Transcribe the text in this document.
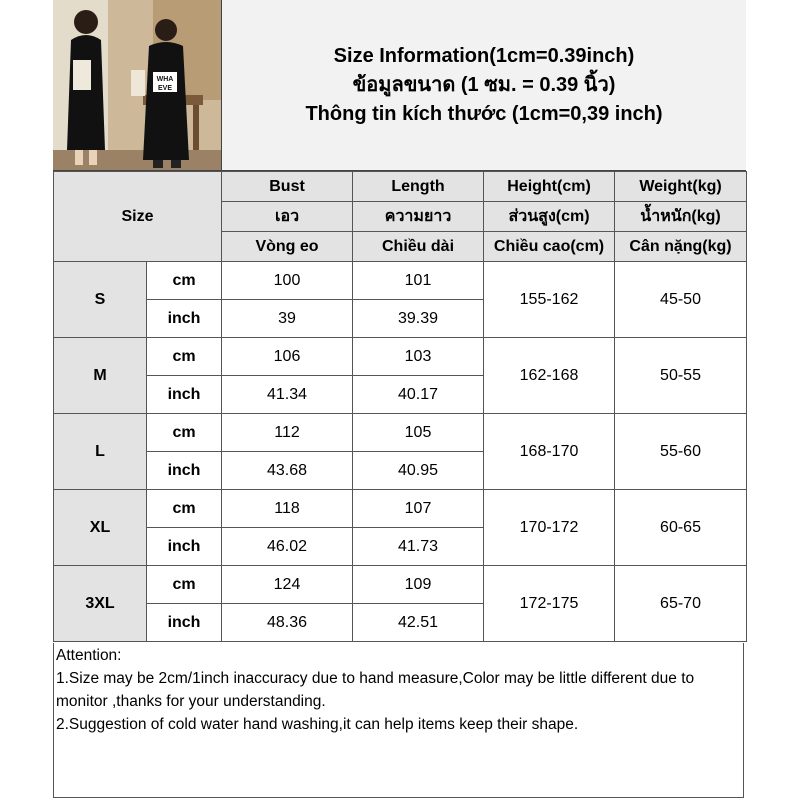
WHA
EVE
Size Information(1cm=0.39inch)
ข้อมูลขนาด (1 ซม. = 0.39 นิ้ว)
Thông tin kích thước (1cm=0,39 inch)
Size		Bust	Length	Height(cm)	Weight(kg)
		เอว	ความยาว	ส่วนสูง(cm)	น้ำหนัก(kg)
		Vòng eo	Chiều dài	Chiều cao(cm)	Cân nặng(kg)
S	cm	100	101	155-162	45-50
	inch	39	39.39		
M	cm	106	103	162-168	50-55
	inch	41.34	40.17		
L	cm	112	105	168-170	55-60
	inch	43.68	40.95		
XL	cm	118	107	170-172	60-65
	inch	46.02	41.73		
3XL	cm	124	109	172-175	65-70
	inch	48.36	42.51		
Attention:
1.Size may be 2cm/1inch inaccuracy due to hand measure,Color may be little different due to monitor ,thanks for your understanding.
2.Suggestion of cold water hand washing,it can help items keep their shape.
